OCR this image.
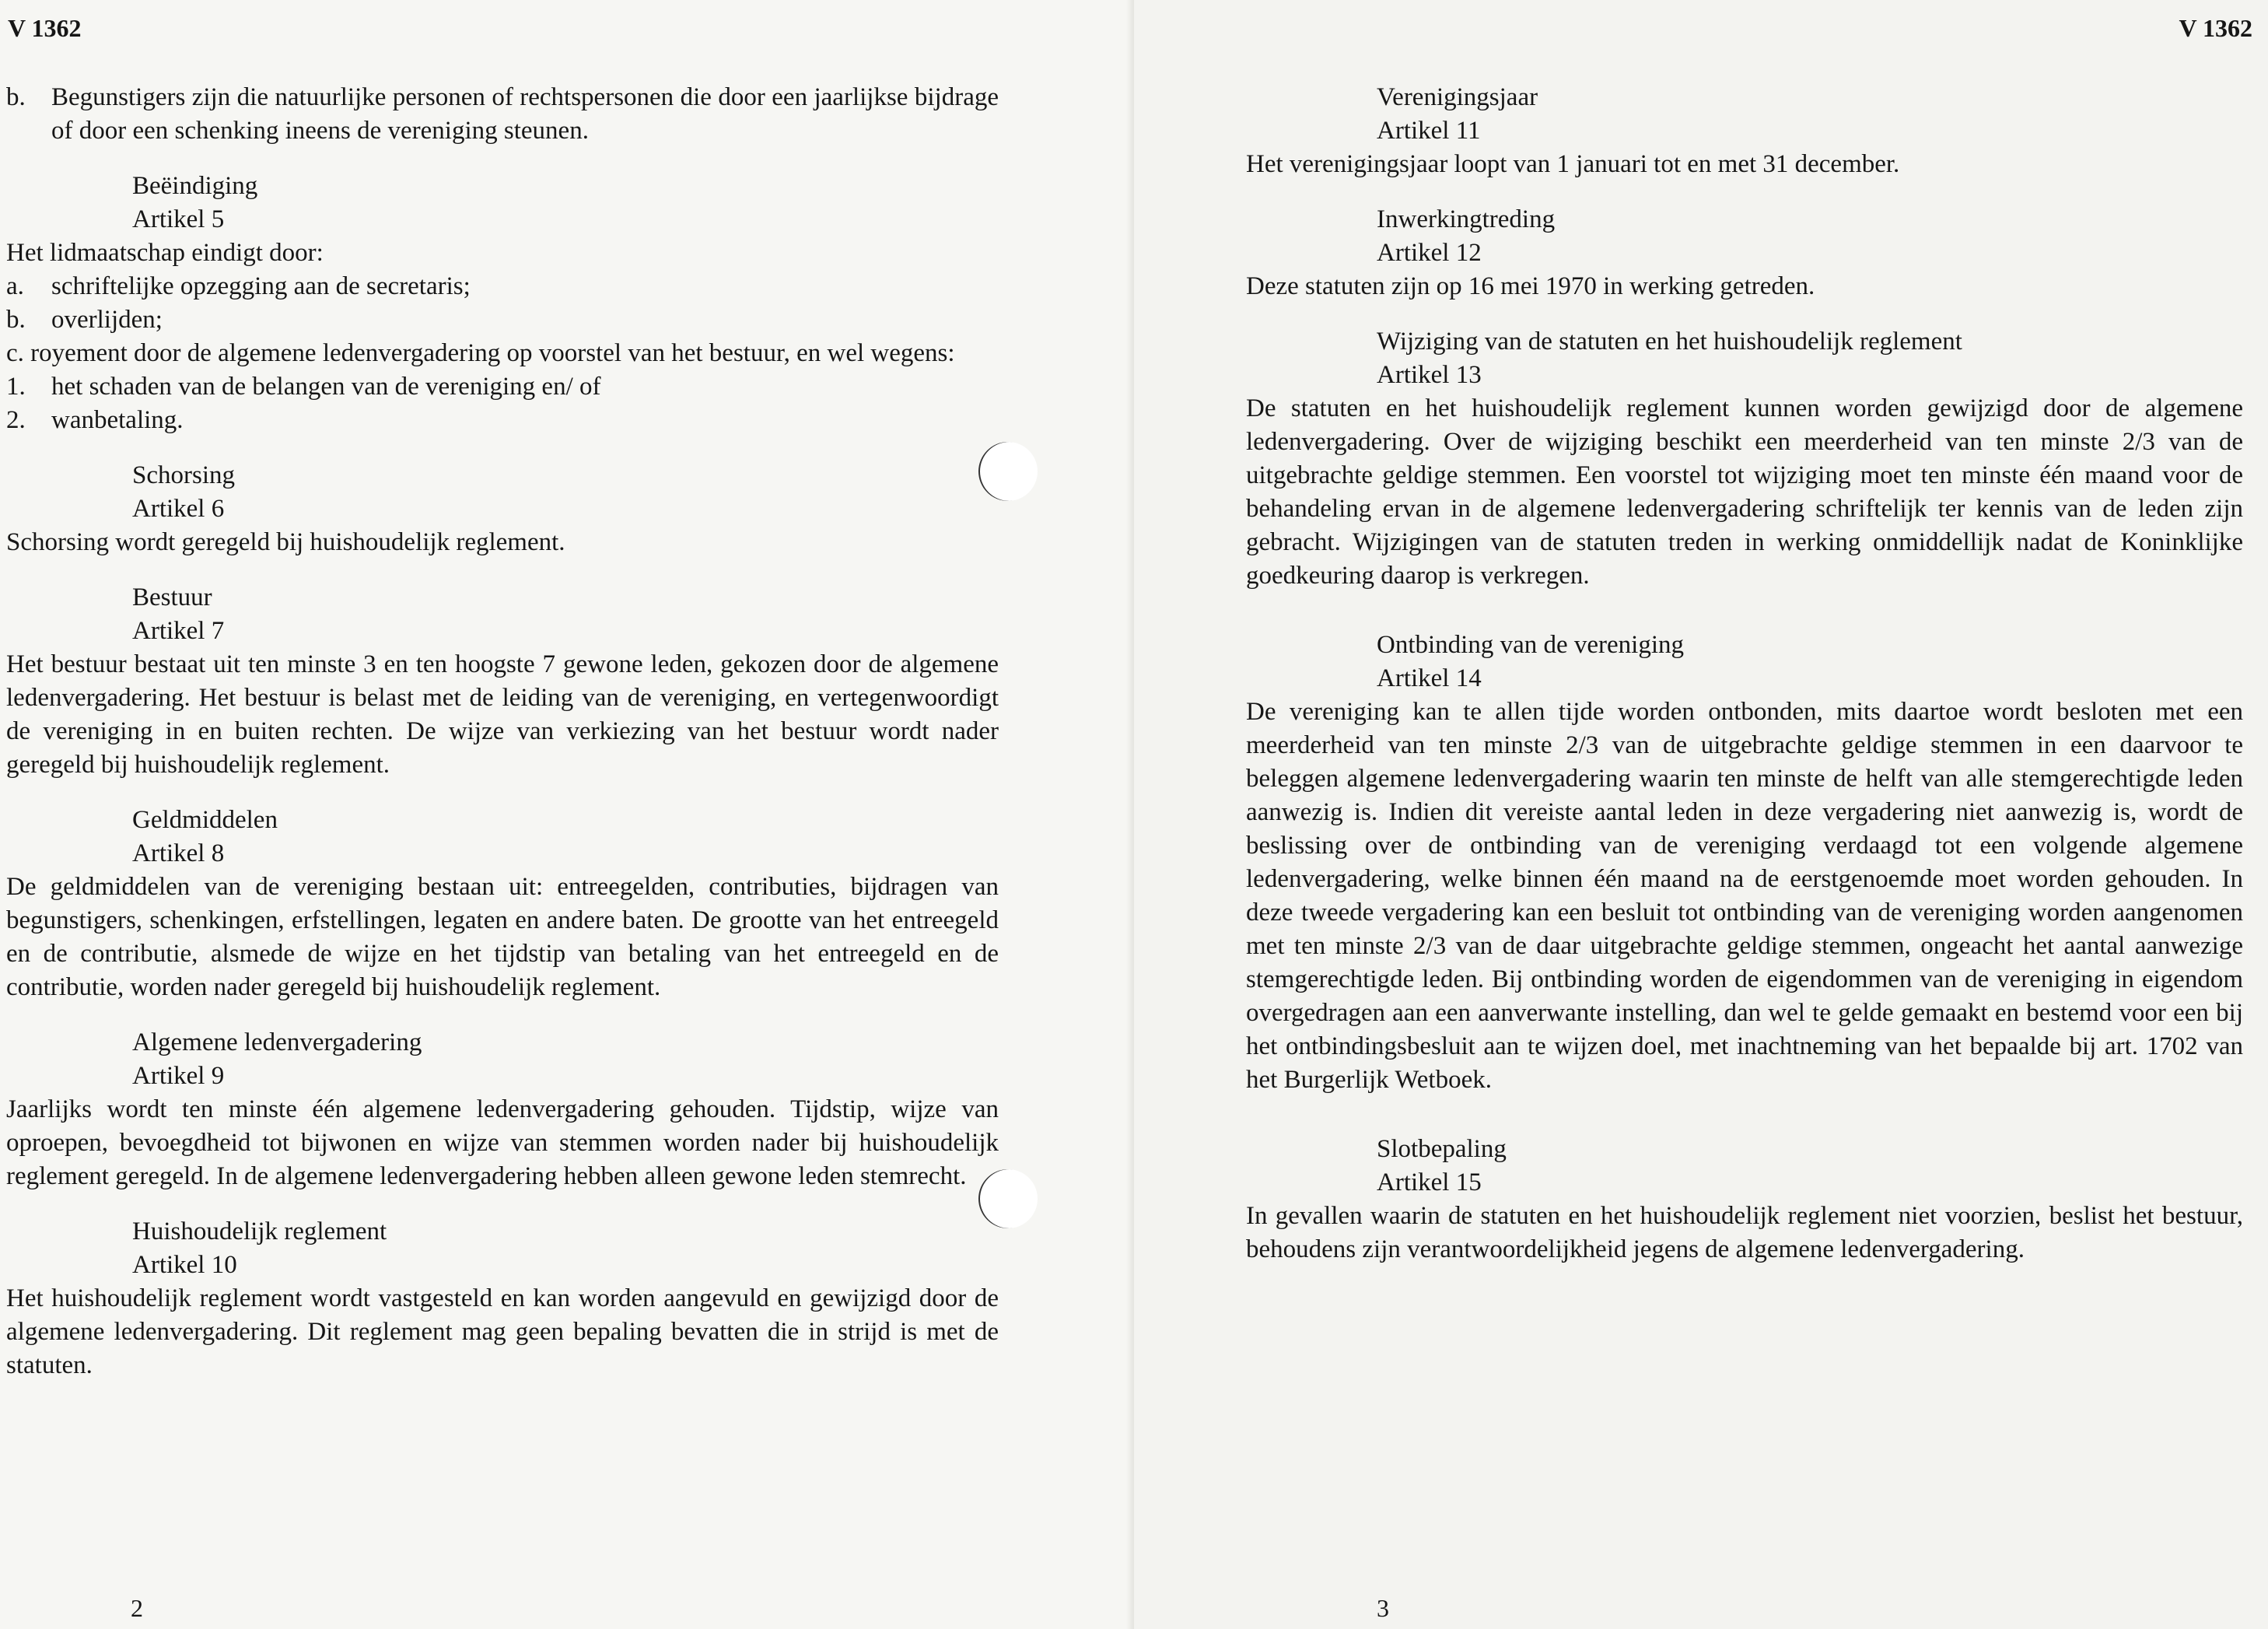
V 1362
b.	Begunstigers zijn die natuurlijke personen of rechtspersonen die door een jaarlijkse bijdrage of door een schenking ineens de vereniging steunen.
Beëindiging
Artikel 5
Het lidmaatschap eindigt door:
a.	schriftelijke opzegging aan de secretaris;
b.	overlijden;
c. royement door de algemene ledenvergadering op voorstel van het bestuur, en wel wegens:
1.	het schaden van de belangen van de vereniging en/ of
2.	wanbetaling.
Schorsing
Artikel 6
Schorsing wordt geregeld bij huishoudelijk reglement.
Bestuur
Artikel 7
Het bestuur bestaat uit ten minste 3 en ten hoogste 7 gewone leden, gekozen door de algemene ledenvergadering. Het bestuur is belast met de leiding van de vereniging, en vertegenwoordigt de vereniging in en buiten rechten. De wijze van verkiezing van het bestuur wordt nader geregeld bij huishoudelijk reglement.
Geldmiddelen
Artikel 8
De geldmiddelen van de vereniging bestaan uit: entreegelden, contributies, bijdragen van begunstigers, schenkingen, erfstellingen, legaten en andere baten. De grootte van het entreegeld en de contributie, alsmede de wijze en het tijdstip van betaling van het entreegeld en de contributie, worden nader geregeld bij huishoudelijk reglement.
Algemene ledenvergadering
Artikel 9
Jaarlijks wordt ten minste één algemene ledenvergadering gehouden. Tijdstip, wijze van oproepen, bevoegdheid tot bijwonen en wijze van stemmen worden nader bij huishoudelijk reglement geregeld. In de algemene ledenvergadering hebben alleen gewone leden stemrecht.
Huishoudelijk reglement
Artikel 10
Het huishoudelijk reglement wordt vastgesteld en kan worden aangevuld en gewijzigd door de algemene ledenvergadering. Dit reglement mag geen bepaling bevatten die in strijd is met de statuten.
2
V 1362
Verenigingsjaar
Artikel 11
Het verenigingsjaar loopt van 1 januari tot en met 31 december.
Inwerkingtreding
Artikel 12
Deze statuten zijn op 16 mei 1970 in werking getreden.
Wijziging van de statuten en het huishoudelijk reglement
Artikel 13
De statuten en het huishoudelijk reglement kunnen worden gewijzigd door de algemene ledenvergadering. Over de wijziging beschikt een meerderheid van ten minste 2/3 van de uitgebrachte geldige stemmen. Een voorstel tot wijziging moet ten minste één maand voor de behandeling ervan in de algemene ledenvergadering schriftelijk ter kennis van de leden zijn gebracht. Wijzigingen van de statuten treden in werking onmiddellijk nadat de Koninklijke goedkeuring daarop is verkregen.
Ontbinding van de vereniging
Artikel 14
De vereniging kan te allen tijde worden ontbonden, mits daartoe wordt besloten met een meerderheid van ten minste 2/3 van de uitgebrachte geldige stemmen in een daarvoor te beleggen algemene ledenvergadering waarin ten minste de helft van alle stemgerechtigde leden aanwezig is. Indien dit vereiste aantal leden in deze vergadering niet aanwezig is, wordt de beslissing over de ontbinding van de vereniging verdaagd tot een volgende algemene ledenvergadering, welke binnen één maand na de eerstgenoemde moet worden gehouden. In deze tweede vergadering kan een besluit tot ontbinding van de vereniging worden aangenomen met ten minste 2/3 van de daar uitgebrachte geldige stemmen, ongeacht het aantal aanwezige stemgerechtigde leden. Bij ontbinding worden de eigendommen van de vereniging in eigendom overgedragen aan een aanverwante instelling, dan wel te gelde gemaakt en bestemd voor een bij het ontbindingsbesluit aan te wijzen doel, met inachtneming van het bepaalde bij art. 1702 van het Burgerlijk Wetboek.
Slotbepaling
Artikel 15
In gevallen waarin de statuten en het huishoudelijk reglement niet voorzien, beslist het bestuur, behoudens zijn verantwoordelijkheid jegens de algemene ledenvergadering.
3
